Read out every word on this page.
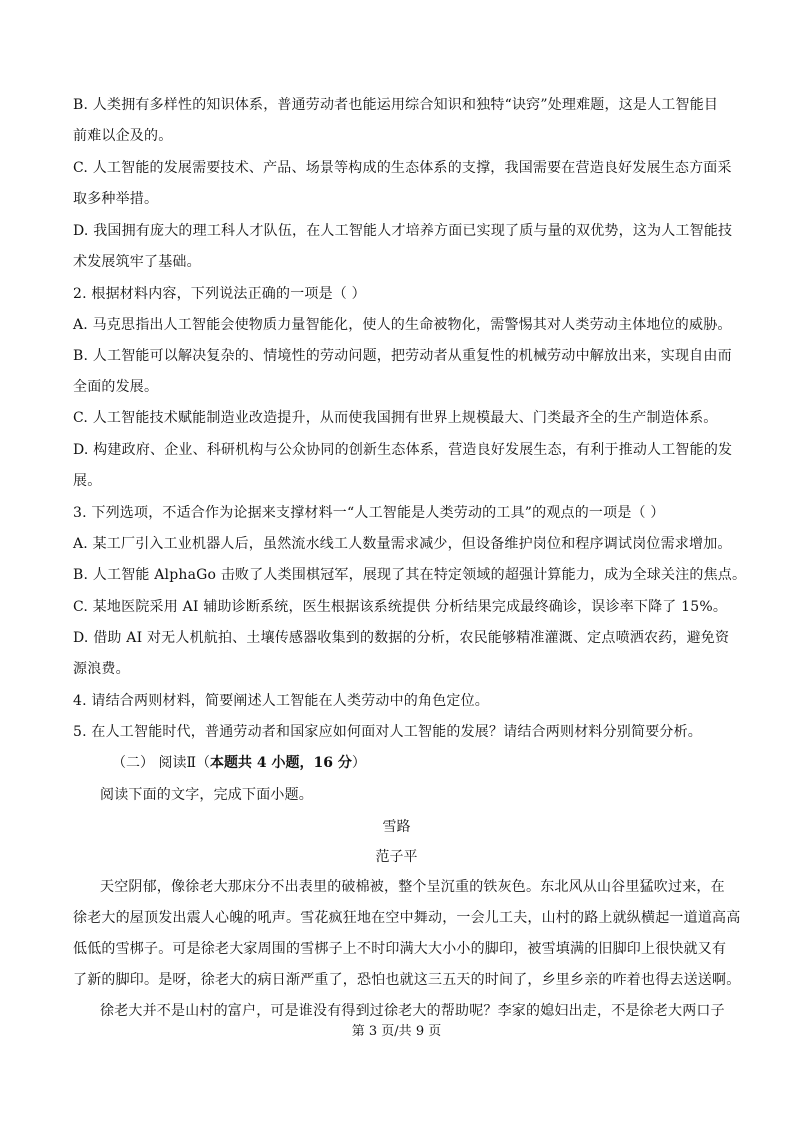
B. 人类拥有多样性的知识体系，普通劳动者也能运用综合知识和独特“诀窍”处理难题，这是人工智能目
前难以企及的。
C. 人工智能的发展需要技术、产品、场景等构成的生态体系的支撑，我国需要在营造良好发展生态方面采
取多种举措。
D. 我国拥有庞大的理工科人才队伍，在人工智能人才培养方面已实现了质与量的双优势，这为人工智能技
术发展筑牢了基础。
2. 根据材料内容，下列说法正确的一项是（ ）
A. 马克思指出人工智能会使物质力量智能化，使人的生命被物化，需警惕其对人类劳动主体地位的威胁。
B. 人工智能可以解决复杂的、情境性的劳动问题，把劳动者从重复性的机械劳动中解放出来，实现自由而
全面的发展。
C. 人工智能技术赋能制造业改造提升，从而使我国拥有世界上规模最大、门类最齐全的生产制造体系。
D. 构建政府、企业、科研机构与公众协同的创新生态体系，营造良好发展生态，有利于推动人工智能的发
展。
3. 下列选项，不适合作为论据来支撑材料一“人工智能是人类劳动的工具”的观点的一项是（ ）
A. 某工厂引入工业机器人后，虽然流水线工人数量需求减少，但设备维护岗位和程序调试岗位需求增加。
B. 人工智能 AlphaGo 击败了人类围棋冠军，展现了其在特定领域的超强计算能力，成为全球关注的焦点。
C. 某地医院采用 AI 辅助诊断系统，医生根据该系统提供 分析结果完成最终确诊，误诊率下降了 15%。
D. 借助 AI 对无人机航拍、土壤传感器收集到的数据的分析，农民能够精准灌溉、定点喷洒农药，避免资
源浪费。
4. 请结合两则材料，简要阐述人工智能在人类劳动中的角色定位。
5. 在人工智能时代，普通劳动者和国家应如何面对人工智能的发展？请结合两则材料分别简要分析。
（二） 阅读Ⅱ（本题共 4 小题，16 分）
阅读下面的文字，完成下面小题。
雪路
范子平
天空阴郁，像徐老大那床分不出表里的破棉被，整个呈沉重的铁灰色。东北风从山谷里猛吹过来，在
徐老大的屋顶发出震人心魄的吼声。雪花疯狂地在空中舞动，一会儿工夫，山村的路上就纵横起一道道高高
低低的雪梆子。可是徐老大家周围的雪梆子上不时印满大大小小的脚印，被雪填满的旧脚印上很快就又有
了新的脚印。是呀，徐老大的病日渐严重了，恐怕也就这三五天的时间了，乡里乡亲的咋着也得去送送啊。
徐老大并不是山村的富户，可是谁没有得到过徐老大的帮助呢？李家的媳妇出走，不是徐老大两口子
第 3 页/共 9 页
